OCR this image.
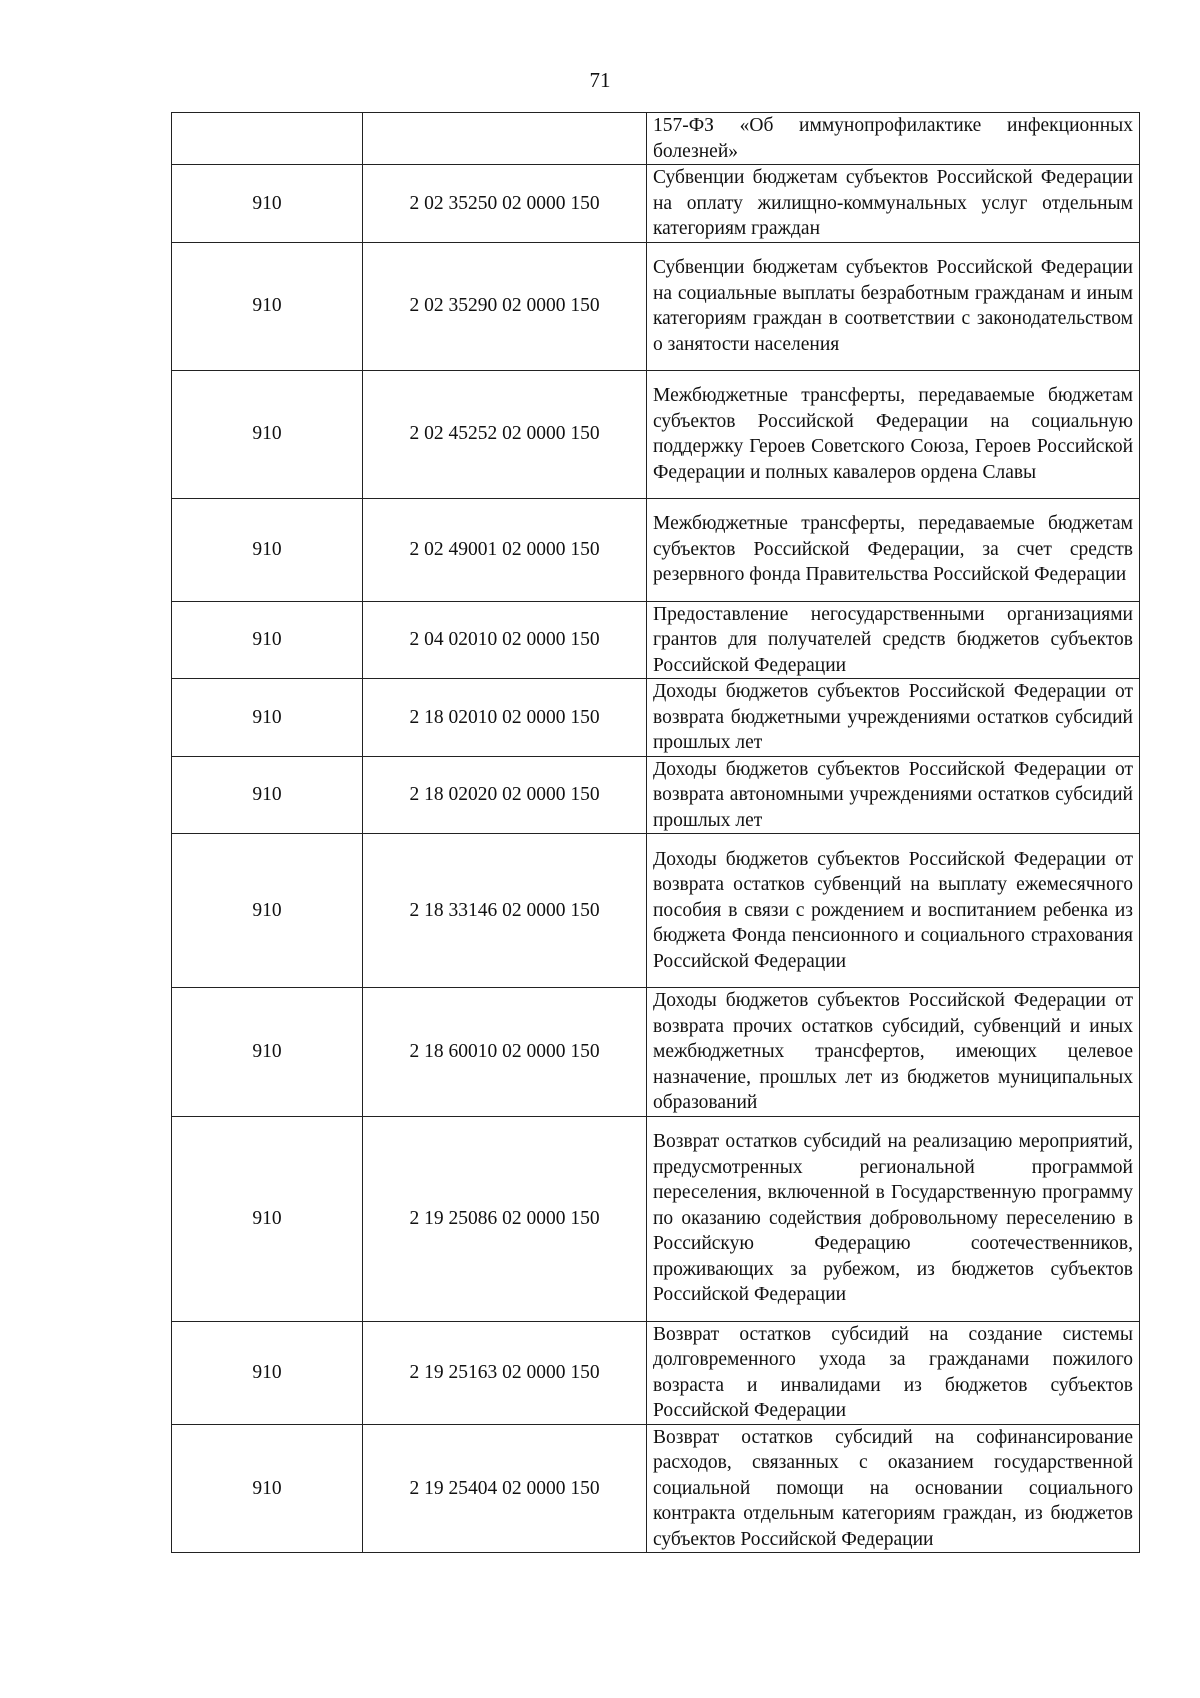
71
		157-ФЗ «Об иммунопрофилактике инфекционных болезней»
910	2 02 35250 02 0000 150	Субвенции бюджетам субъектов Российской Федерации на оплату жилищно-коммунальных услуг отдельным категориям граждан
910	2 02 35290 02 0000 150	Субвенции бюджетам субъектов Российской Федерации на социальные выплаты безработным гражданам и иным категориям граждан в соответствии с законодательством о занятости населения
910	2 02 45252 02 0000 150	Межбюджетные трансферты, передаваемые бюджетам субъектов Российской Федерации на социальную поддержку Героев Советского Союза, Героев Российской Федерации и полных кавалеров ордена Славы
910	2 02 49001 02 0000 150	Межбюджетные трансферты, передаваемые бюджетам субъектов Российской Федерации, за счет средств резервного фонда Правительства Российской Федерации
910	2 04 02010 02 0000 150	Предоставление негосударственными организациями грантов для получателей средств бюджетов субъектов Российской Федерации
910	2 18 02010 02 0000 150	Доходы бюджетов субъектов Российской Федерации от возврата бюджетными учреждениями остатков субсидий прошлых лет
910	2 18 02020 02 0000 150	Доходы бюджетов субъектов Российской Федерации от возврата автономными учреждениями остатков субсидий прошлых лет
910	2 18 33146 02 0000 150	Доходы бюджетов субъектов Российской Федерации от возврата остатков субвенций на выплату ежемесячного пособия в связи с рождением и воспитанием ребенка из бюджета Фонда пенсионного и социального страхования Российской Федерации
910	2 18 60010 02 0000 150	Доходы бюджетов субъектов Российской Федерации от возврата прочих остатков субсидий, субвенций и иных межбюджетных трансфертов, имеющих целевое назначение, прошлых лет из бюджетов муниципальных образований
910	2 19 25086 02 0000 150	Возврат остатков субсидий на реализацию мероприятий, предусмотренных региональной программой переселения, включенной в Государственную программу по оказанию содействия добровольному переселению в Российскую Федерацию соотечественников, проживающих за рубежом, из бюджетов субъектов Российской Федерации
910	2 19 25163 02 0000 150	Возврат остатков субсидий на создание системы долговременного ухода за гражданами пожилого возраста и инвалидами из бюджетов субъектов Российской Федерации
910	2 19 25404 02 0000 150	Возврат остатков субсидий на софинансирование расходов, связанных с оказанием государственной социальной помощи на основании социального контракта отдельным категориям граждан, из бюджетов субъектов Российской Федерации
